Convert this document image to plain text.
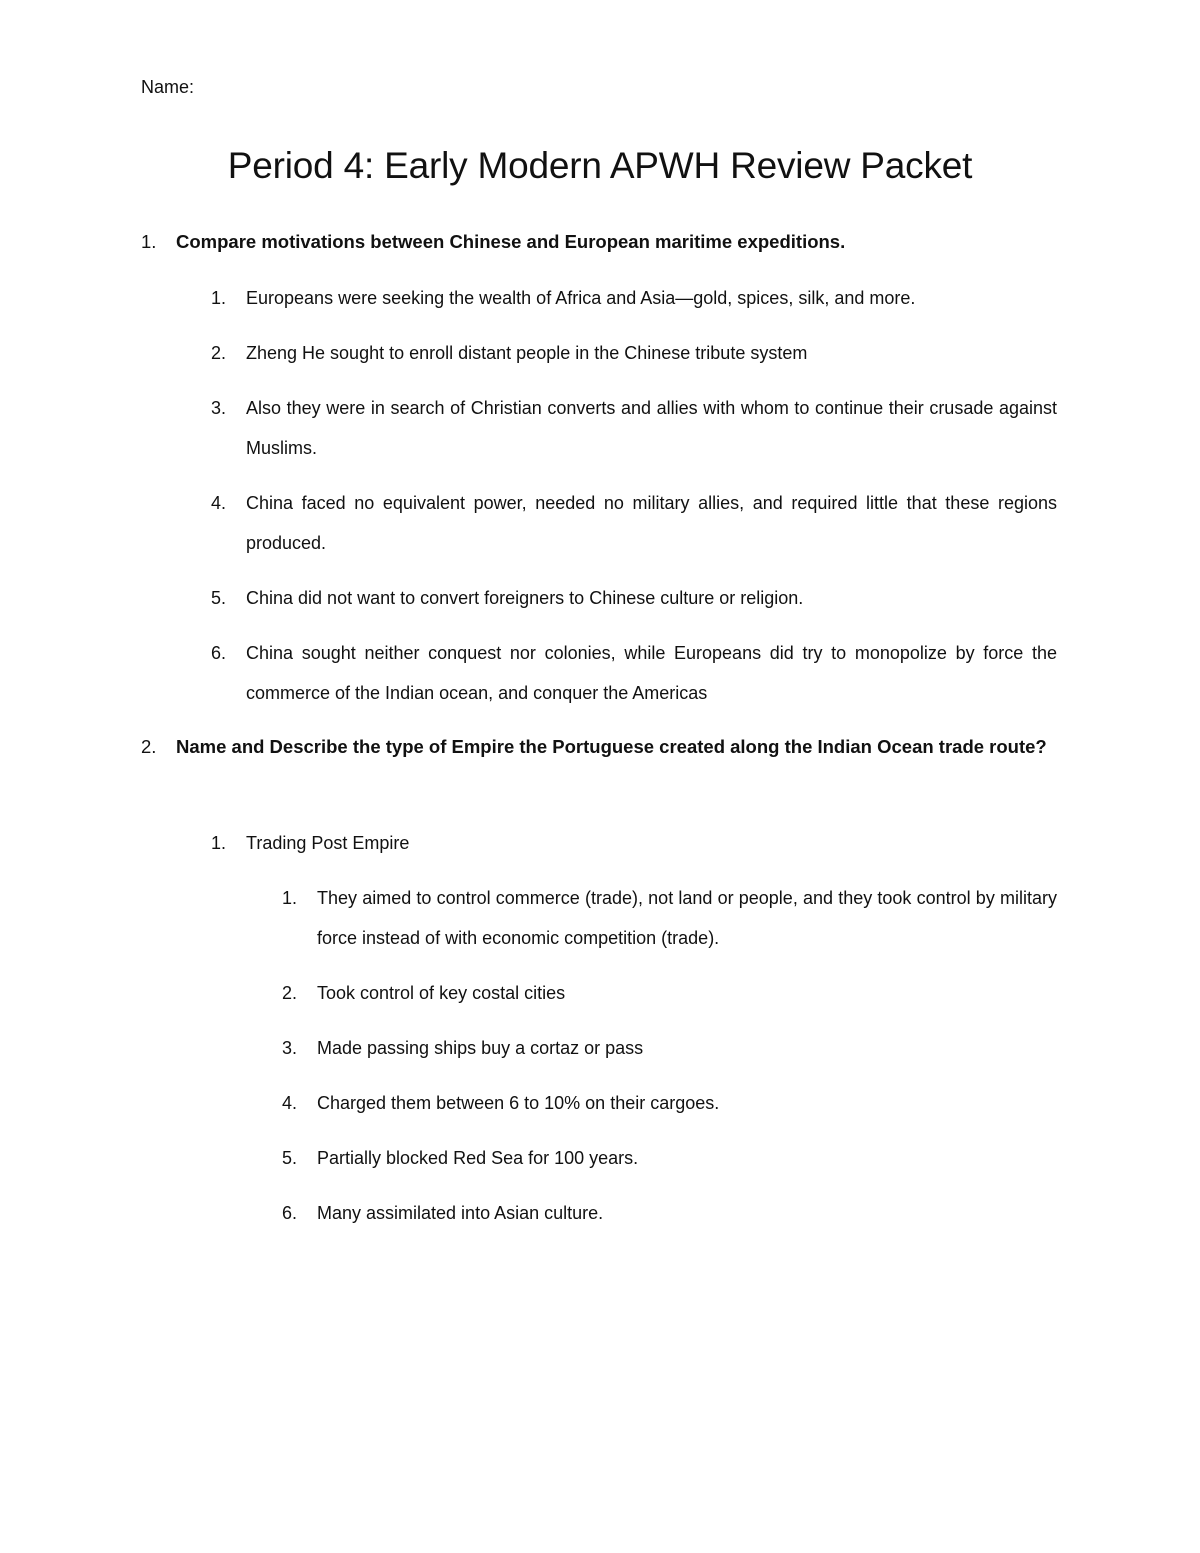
Name:
Period 4: Early Modern APWH Review Packet
1.	Compare motivations between Chinese and European maritime expeditions.
1.	Europeans were seeking the wealth of Africa and Asia—gold, spices, silk, and more.
2.	Zheng He sought to enroll distant people in the Chinese tribute system
3.	Also they were in search of Christian converts and allies with whom to continue their crusade against Muslims.
4.	China faced no equivalent power, needed no military allies, and required little that these regions produced.
5.	China did not want to convert foreigners to Chinese culture or religion.
6.	China sought neither conquest nor colonies, while Europeans did try to monopolize by force the commerce of the Indian ocean, and conquer the Americas
2.	Name and Describe the type of Empire the Portuguese created along the Indian Ocean trade route?
1.	Trading Post Empire
1.	They aimed to control commerce (trade), not land or people, and they took control by military force instead of with economic competition (trade).
2.	Took control of key costal cities
3.	Made passing ships buy a cortaz or pass
4.	Charged them between 6 to 10% on their cargoes.
5.	Partially blocked Red Sea for 100 years.
6.	Many assimilated into Asian culture.
